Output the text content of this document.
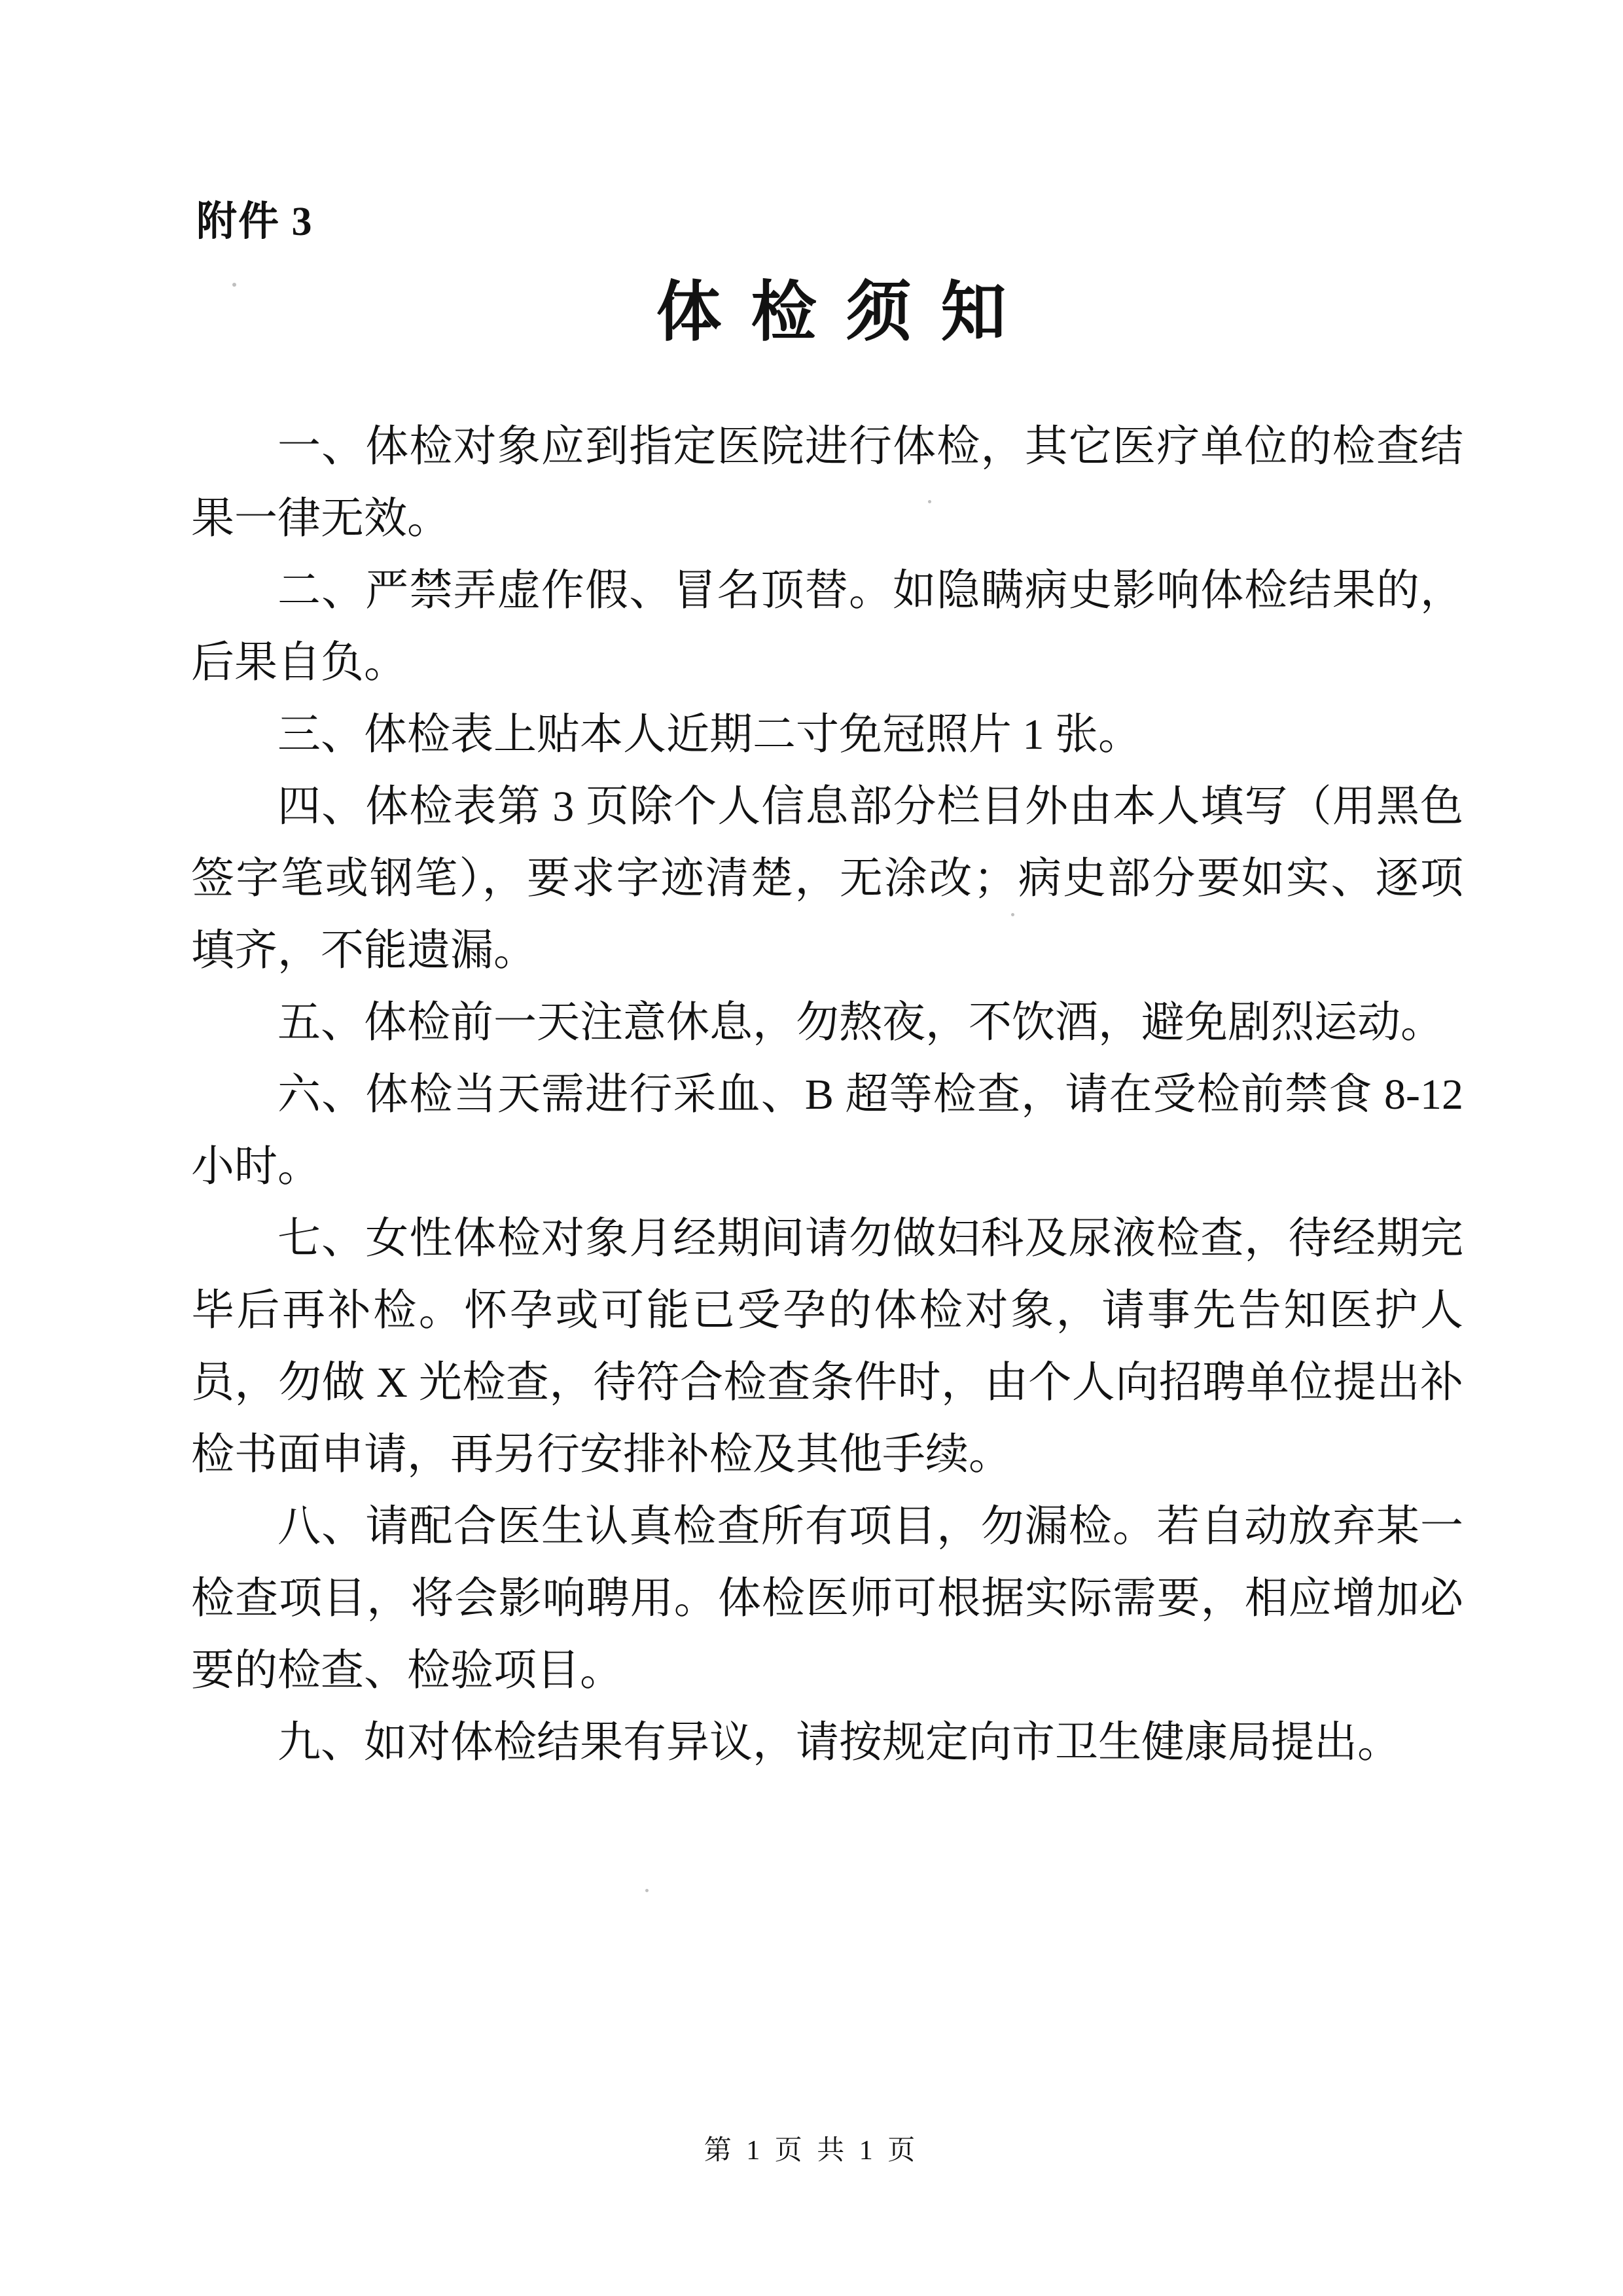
附件 3
体 检 须 知

一、体检对象应到指定医院进行体检，其它医疗单位的检查结果一律无效。

二、严禁弄虚作假、冒名顶替。如隐瞒病史影响体检结果的，后果自负。

三、体检表上贴本人近期二寸免冠照片 1 张。

四、体检表第 3 页除个人信息部分栏目外由本人填写（用黑色签字笔或钢笔），要求字迹清楚，无涂改；病史部分要如实、逐项填齐，不能遗漏。

五、体检前一天注意休息，勿熬夜，不饮酒，避免剧烈运动。

六、体检当天需进行采血、B 超等检查，请在受检前禁食 8-12 小时。

七、女性体检对象月经期间请勿做妇科及尿液检查，待经期完毕后再补检。怀孕或可能已受孕的体检对象，请事先告知医护人员，勿做 X 光检查，待符合检查条件时，由个人向招聘单位提出补检书面申请，再另行安排补检及其他手续。

八、请配合医生认真检查所有项目，勿漏检。若自动放弃某一检查项目，将会影响聘用。体检医师可根据实际需要，相应增加必要的检查、检验项目。

九、如对体检结果有异议，请按规定向市卫生健康局提出。

第 1 页 共 1 页
